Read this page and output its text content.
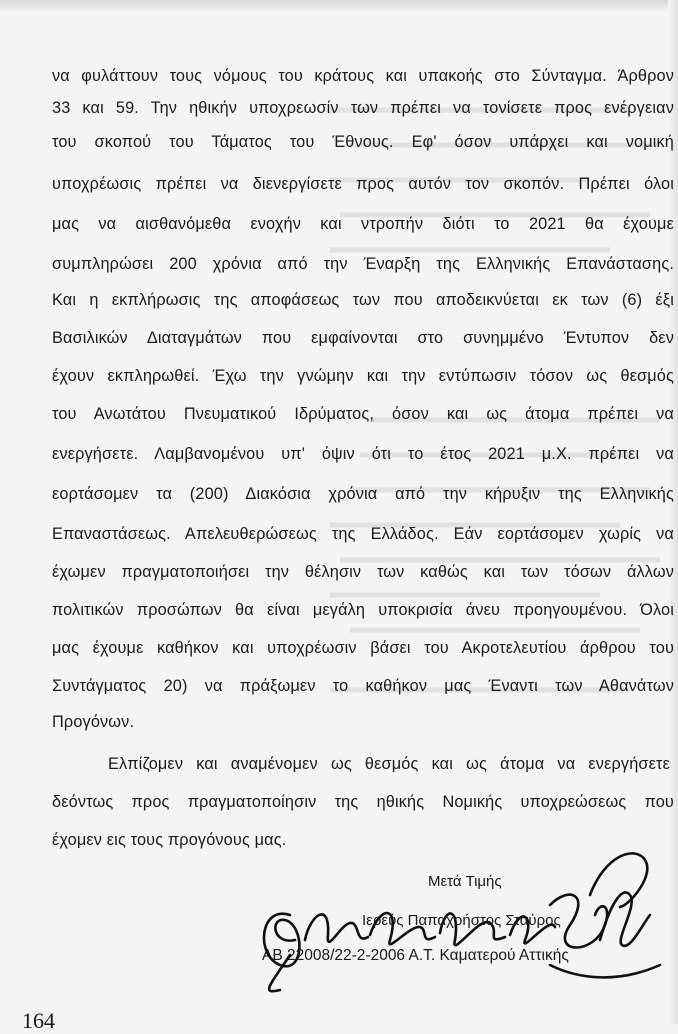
να φυλάττουν τους νόμους του κράτους και υπακοής στο Σύνταγμα. Άρθρον
33 και 59. Την ηθικήν υποχρεωσίν των πρέπει να τονίσετε προς ενέργειαν
του σκοπού του Τάματος του Έθνους. Εφ' όσον υπάρχει και νομική
υποχρέωσις πρέπει να διενεργίσετε προς αυτόν τον σκοπόν. Πρέπει όλοι
μας να αισθανόμεθα ενοχήν και ντροπήν διότι το 2021 θα έχουμε
συμπληρώσει 200 χρόνια από την Έναρξη της Ελληνικής Επανάστασης.
Και η εκπλήρωσις της αποφάσεως των που αποδεικνύεται εκ των (6) έξι
Βασιλικών Διαταγμάτων που εμφαίνονται στο συνημμένο Έντυπον δεν
έχουν εκπληρωθεί. Έχω την γνώμην και την εντύπωσιν τόσον ως θεσμός
του Ανωτάτου Πνευματικού Ιδρύματος, όσον και ως άτομα πρέπει να
ενεργήσετε. Λαμβανομένου υπ' όψιν ότι το έτος 2021 μ.Χ. πρέπει να
εορτάσομεν τα (200) Διακόσια χρόνια από την κήρυξιν της Ελληνικής
Επαναστάσεως. Απελευθερώσεως της Ελλάδος. Εάν εορτάσομεν χωρίς να
έχωμεν πραγματοποιήσει την θέλησιν των καθώς και των τόσων άλλων
πολιτικών προσώπων θα είναι μεγάλη υποκρισία άνευ προηγουμένου. Όλοι
μας έχουμε καθήκον και υποχρέωσιν βάσει του Ακροτελευτίου άρθρου του
Συντάγματος 20) να πράξωμεν το καθήκον μας Έναντι των Αθανάτων
Προγόνων.
Ελπίζομεν και αναμένομεν ως θεσμός και ως άτομα να ενεργήσετε
δεόντως προς πραγματοποίησιν της ηθικής Νομικής υποχρεώσεως που
έχομεν εις τους προγόνους μας.
Μετά Τιμής
Ιερεύς Παπαχρήστος Σταύρος
ΑΒ 22008/22-2-2006 Α.Τ. Καματερού Αττικής
164
